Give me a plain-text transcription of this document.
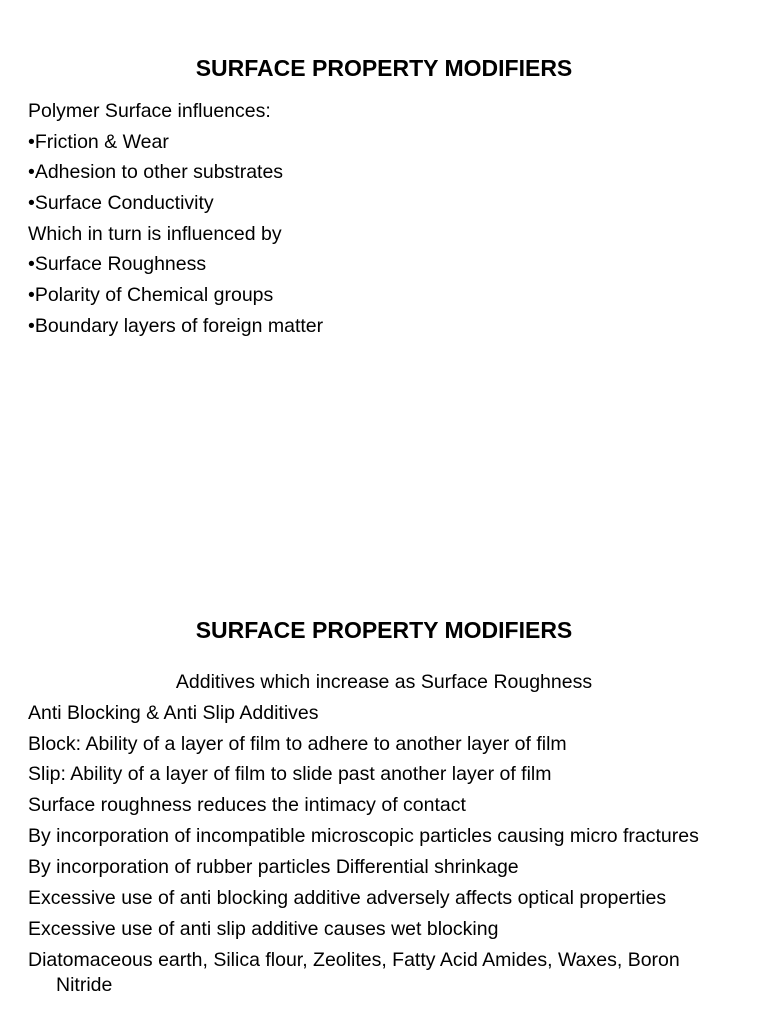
SURFACE PROPERTY MODIFIERS
Polymer Surface influences:
•Friction & Wear
•Adhesion to other substrates
•Surface Conductivity
Which in turn is influenced by
•Surface Roughness
•Polarity of Chemical groups
•Boundary layers of foreign matter
SURFACE PROPERTY MODIFIERS

Additives which increase as Surface Roughness

Anti Blocking & Anti Slip Additives
Block: Ability of a layer of film to adhere to another layer of film
Slip: Ability of a layer of film to slide past another layer of film
Surface roughness reduces the intimacy of contact
By incorporation of incompatible microscopic particles causing micro fractures
By incorporation of rubber particles Differential shrinkage
Excessive use of anti blocking additive adversely affects optical properties
Excessive use of anti slip additive causes wet blocking
Diatomaceous earth, Silica flour, Zeolites, Fatty Acid Amides, Waxes, Boron Nitride
